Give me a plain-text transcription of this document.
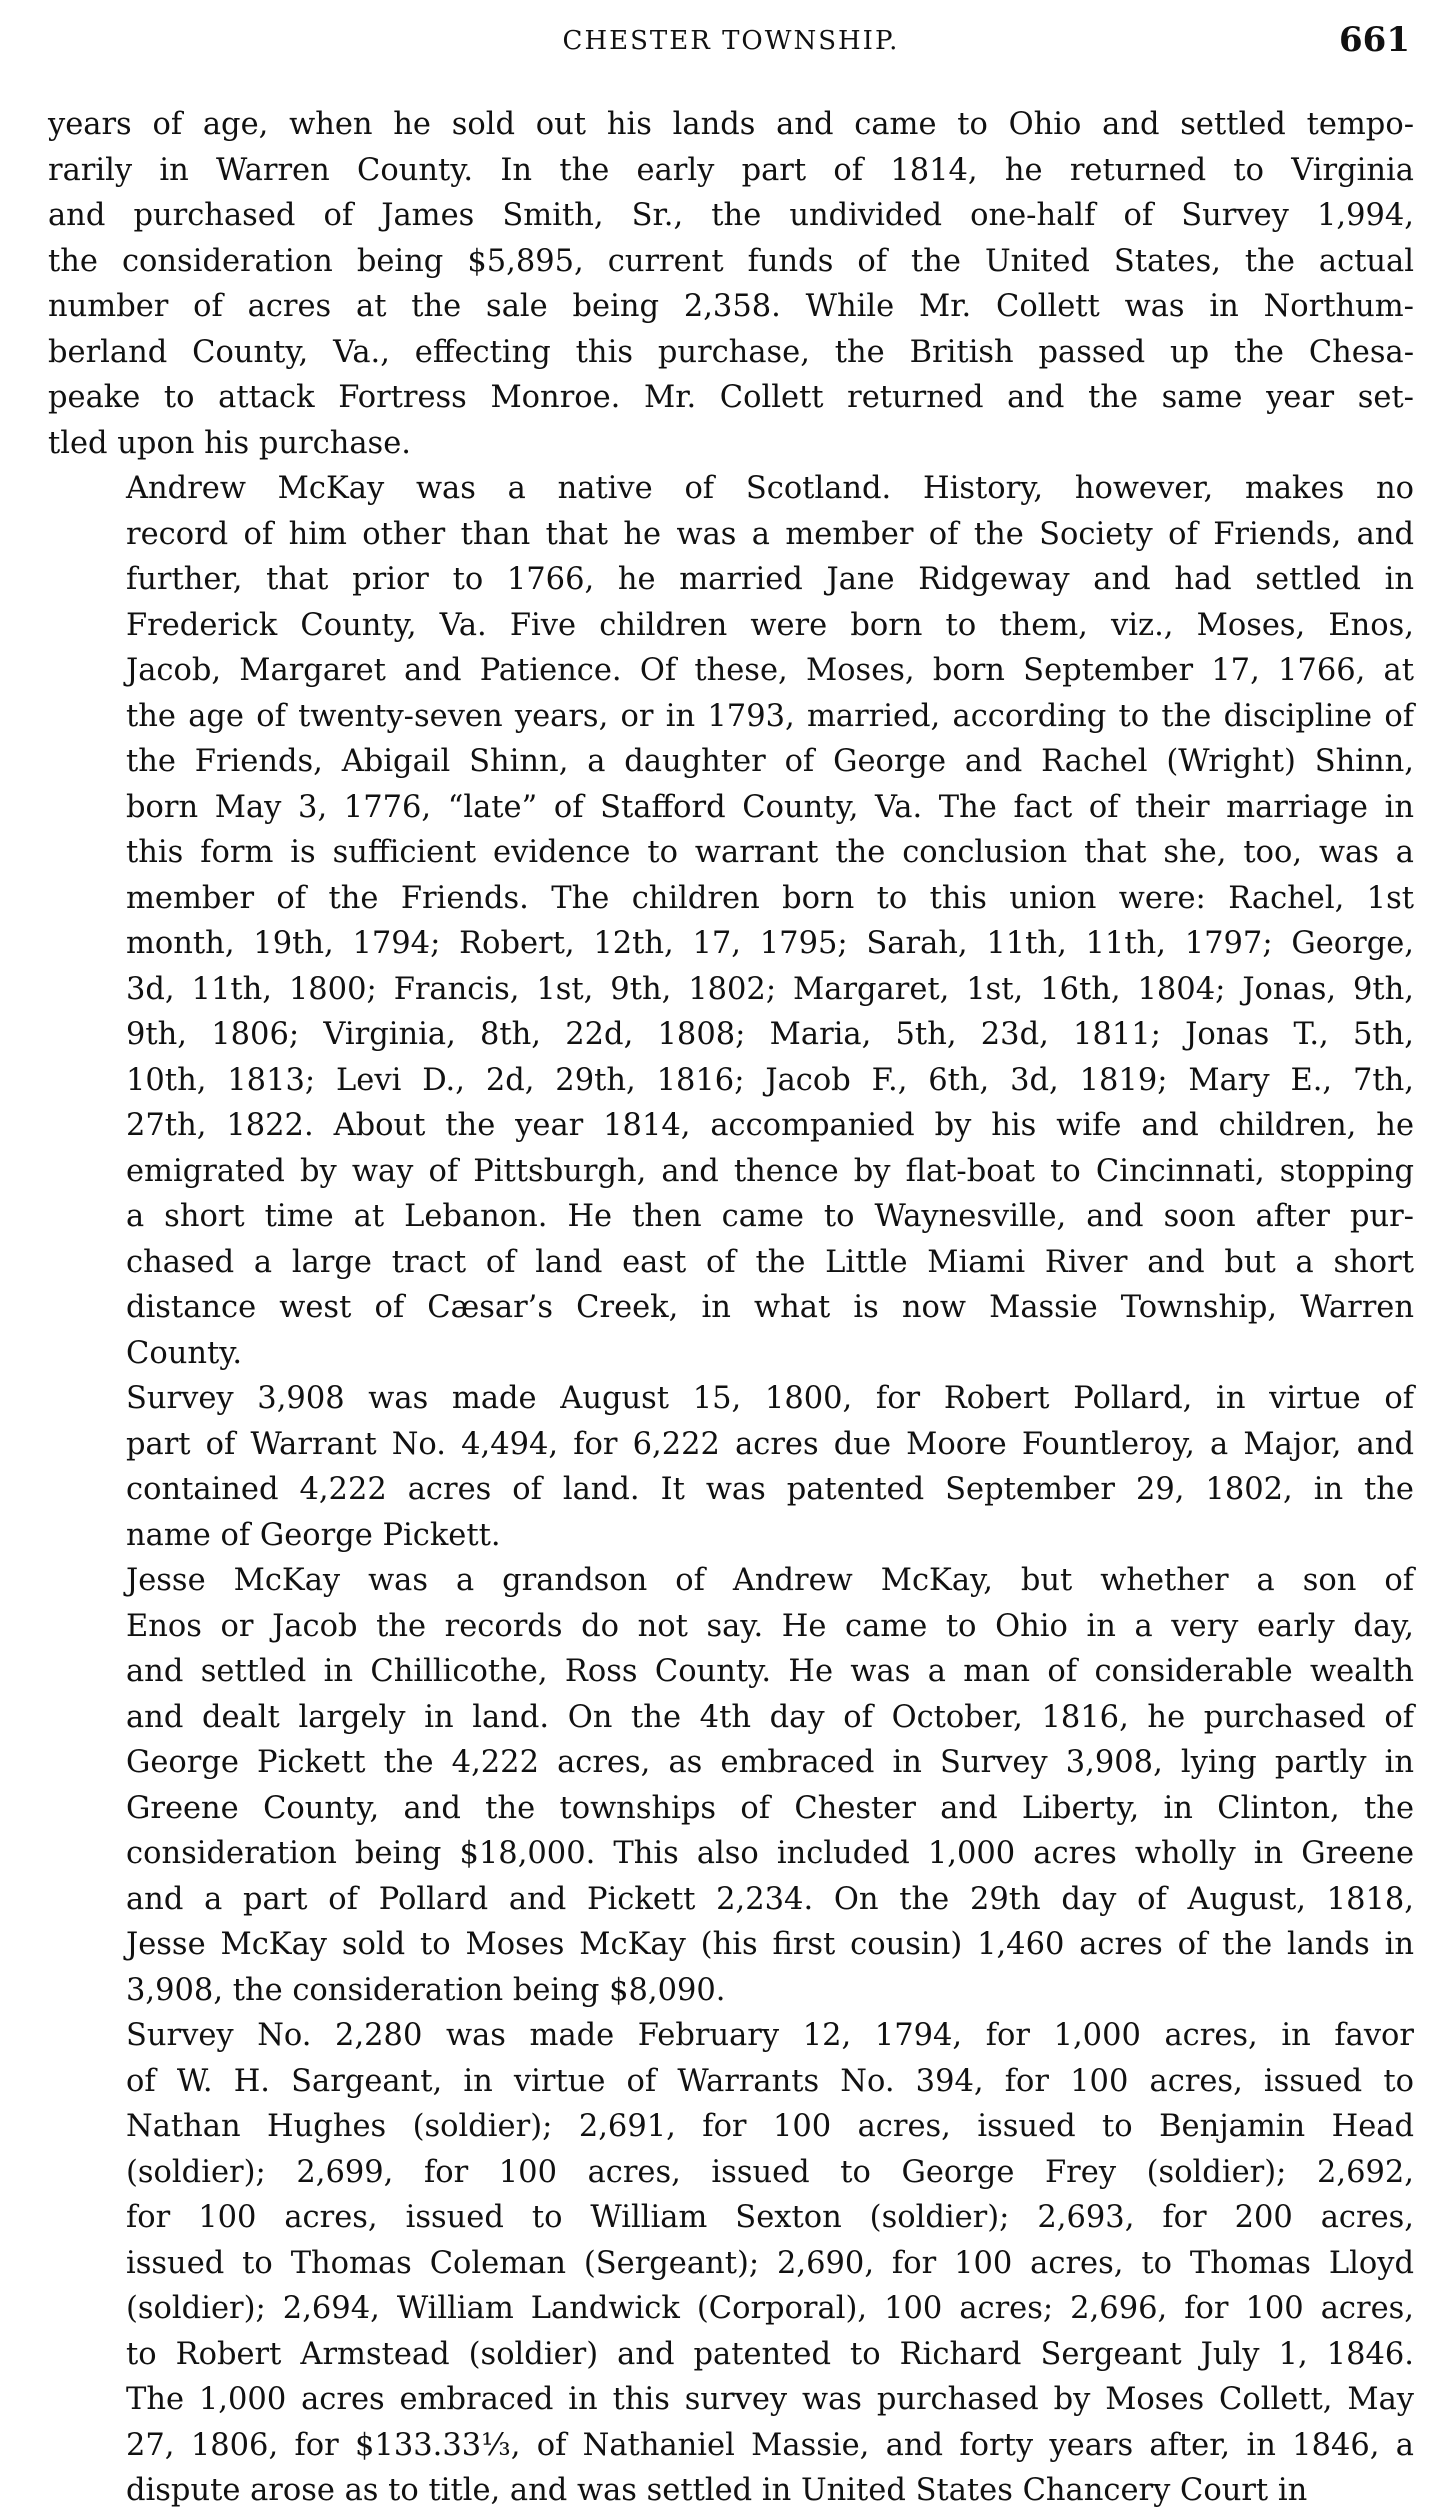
CHESTER TOWNSHIP.	661

years of age, when he sold out his lands and came to Ohio and settled tempo-
rarily in Warren County. In the early part of 1814, he returned to Virginia
and purchased of James Smith, Sr., the undivided one-half of Survey 1,994,
the consideration being $5,895, current funds of the United States, the actual
number of acres at the sale being 2,358. While Mr. Collett was in Northum-
berland County, Va., effecting this purchase, the British passed up the Chesa-
peake to attack Fortress Monroe. Mr. Collett returned and the same year set-
tled upon his purchase.

Andrew McKay was a native of Scotland. History, however, makes no
record of him other than that he was a member of the Society of Friends, and
further, that prior to 1766, he married Jane Ridgeway and had settled in
Frederick County, Va. Five children were born to them, viz., Moses, Enos,
Jacob, Margaret and Patience. Of these, Moses, born September 17, 1766, at
the age of twenty-seven years, or in 1793, married, according to the discipline of
the Friends, Abigail Shinn, a daughter of George and Rachel (Wright) Shinn,
born May 3, 1776, “late” of Stafford County, Va. The fact of their marriage in
this form is sufficient evidence to warrant the conclusion that she, too, was a
member of the Friends. The children born to this union were: Rachel, 1st
month, 19th, 1794; Robert, 12th, 17, 1795; Sarah, 11th, 11th, 1797; George,
3d, 11th, 1800; Francis, 1st, 9th, 1802; Margaret, 1st, 16th, 1804; Jonas, 9th,
9th, 1806; Virginia, 8th, 22d, 1808; Maria, 5th, 23d, 1811; Jonas T., 5th,
10th, 1813; Levi D., 2d, 29th, 1816; Jacob F., 6th, 3d, 1819; Mary E., 7th,
27th, 1822. About the year 1814, accompanied by his wife and children, he
emigrated by way of Pittsburgh, and thence by flat-boat to Cincinnati, stopping
a short time at Lebanon. He then came to Waynesville, and soon after pur-
chased a large tract of land east of the Little Miami River and but a short
distance west of Cæsar’s Creek, in what is now Massie Township, Warren
County.

Survey 3,908 was made August 15, 1800, for Robert Pollard, in virtue of
part of Warrant No. 4,494, for 6,222 acres due Moore Fountleroy, a Major, and
contained 4,222 acres of land. It was patented September 29, 1802, in the
name of George Pickett.

Jesse McKay was a grandson of Andrew McKay, but whether a son of
Enos or Jacob the records do not say. He came to Ohio in a very early day,
and settled in Chillicothe, Ross County. He was a man of considerable wealth
and dealt largely in land. On the 4th day of October, 1816, he purchased of
George Pickett the 4,222 acres, as embraced in Survey 3,908, lying partly in
Greene County, and the townships of Chester and Liberty, in Clinton, the
consideration being $18,000. This also included 1,000 acres wholly in Greene
and a part of Pollard and Pickett 2,234. On the 29th day of August, 1818,
Jesse McKay sold to Moses McKay (his first cousin) 1,460 acres of the lands in
3,908, the consideration being $8,090.

Survey No. 2,280 was made February 12, 1794, for 1,000 acres, in favor
of W. H. Sargeant, in virtue of Warrants No. 394, for 100 acres, issued to
Nathan Hughes (soldier); 2,691, for 100 acres, issued to Benjamin Head
(soldier); 2,699, for 100 acres, issued to George Frey (soldier); 2,692,
for 100 acres, issued to William Sexton (soldier); 2,693, for 200 acres,
issued to Thomas Coleman (Sergeant); 2,690, for 100 acres, to Thomas Lloyd
(soldier); 2,694, William Landwick (Corporal), 100 acres; 2,696, for 100 acres,
to Robert Armstead (soldier) and patented to Richard Sergeant July 1, 1846.
The 1,000 acres embraced in this survey was purchased by Moses Collett, May
27, 1806, for $133.33⅓, of Nathaniel Massie, and forty years after, in 1846, a
dispute arose as to title, and was settled in United States Chancery Court in
